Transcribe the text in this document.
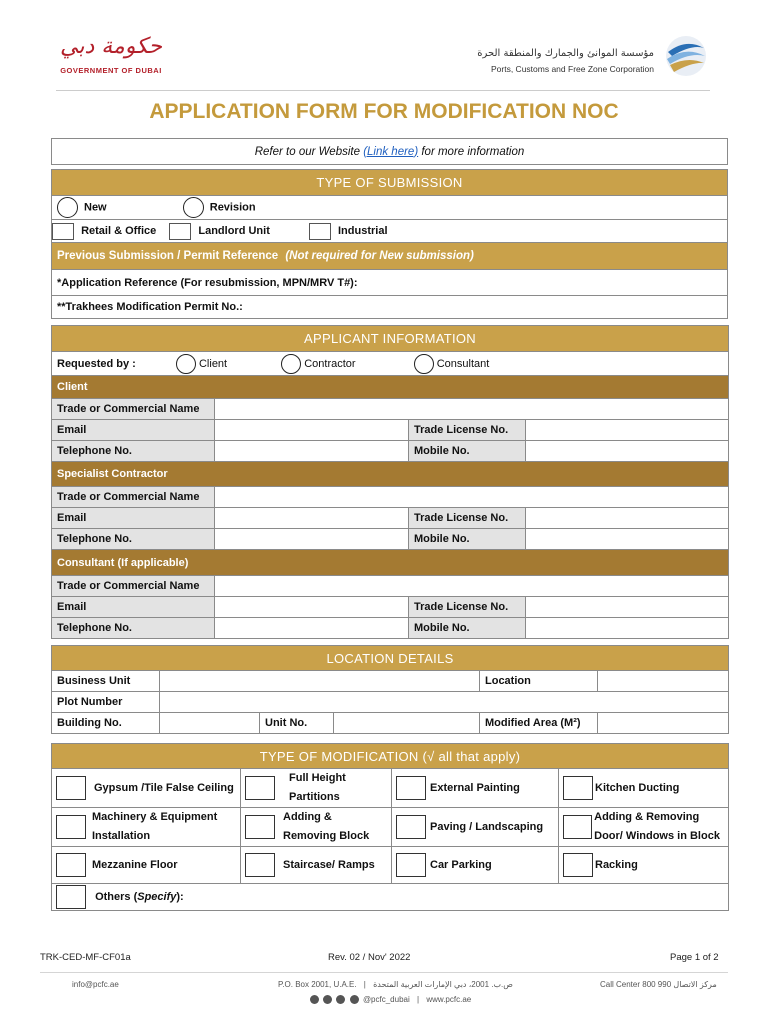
حكومة دبي
GOVERNMENT OF DUBAI
مؤسسة الموانئ والجمارك والمنطقة الحرة
Ports, Customs and Free Zone Corporation
APPLICATION FORM FOR MODIFICATION NOC
Refer to our Website (Link here) for more information
TYPE OF SUBMISSION
New	Revision
Retail & Office	Landlord Unit	Industrial
Previous Submission / Permit Reference (Not required for New submission)
*Application Reference (For resubmission, MPN/MRV T#):
**Trakhees Modification Permit No.:
APPLICANT INFORMATION			
Requested by : Client Contractor Consultant			
Client			
Trade or Commercial Name			
Email		Trade License No.	
Telephone No.		Mobile No.	
Specialist Contractor			
Trade or Commercial Name			
Email		Trade License No.	
Telephone No.		Mobile No.	
Consultant (If applicable)			
Trade or Commercial Name			
Email		Trade License No.	
Telephone No.		Mobile No.	
LOCATION DETAILS					
Business Unit				Location	
Plot Number					
Building No.		Unit No.		Modified Area (M²)	
TYPE OF MODIFICATION (√ all that apply)			
Gypsum /Tile False Ceiling	Full Height Partitions	External Painting	Kitchen Ducting

Machinery & Equipment Installation	Adding & Removing Block	Paving / Landscaping	Adding & Removing Door/ Windows in Block

Mezzanine Floor	Staircase/ Ramps	Car Parking	Racking
Others (Specify):			
TRK-CED-MF-CF01a	Rev. 02 / Nov' 2022	Page 1 of 2
info@pcfc.ae	P.O. Box 2001, U.A.E. | ص.ب. 2001، دبي الإمارات العربية المتحدة	Call Center 800 990 مركز الاتصال
@pcfc_dubai | www.pcfc.ae
